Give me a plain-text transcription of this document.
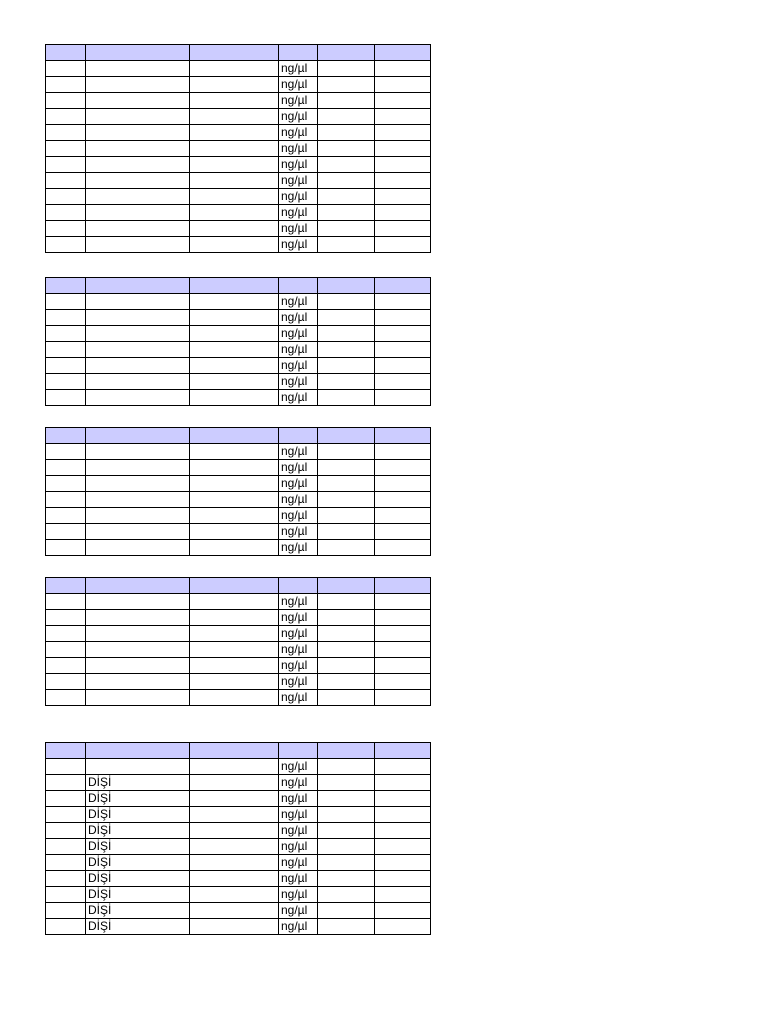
			ng/µl		
			ng/µl		
			ng/µl		
			ng/µl		
			ng/µl		
			ng/µl		
			ng/µl		
			ng/µl		
			ng/µl		
			ng/µl		
			ng/µl		
			ng/µl		

			ng/µl		
			ng/µl		
			ng/µl		
			ng/µl		
			ng/µl		
			ng/µl		
			ng/µl		

			ng/µl		
			ng/µl		
			ng/µl		
			ng/µl		
			ng/µl		
			ng/µl		
			ng/µl		

			ng/µl		
			ng/µl		
			ng/µl		
			ng/µl		
			ng/µl		
			ng/µl		
			ng/µl		

			ng/µl		
	DİŞİ		ng/µl		
	DİŞİ		ng/µl		
	DİŞİ		ng/µl		
	DİŞİ		ng/µl		
	DİŞİ		ng/µl		
	DİŞİ		ng/µl		
	DİŞİ		ng/µl		
	DİŞİ		ng/µl		
	DİŞİ		ng/µl		
	DİŞİ		ng/µl		
